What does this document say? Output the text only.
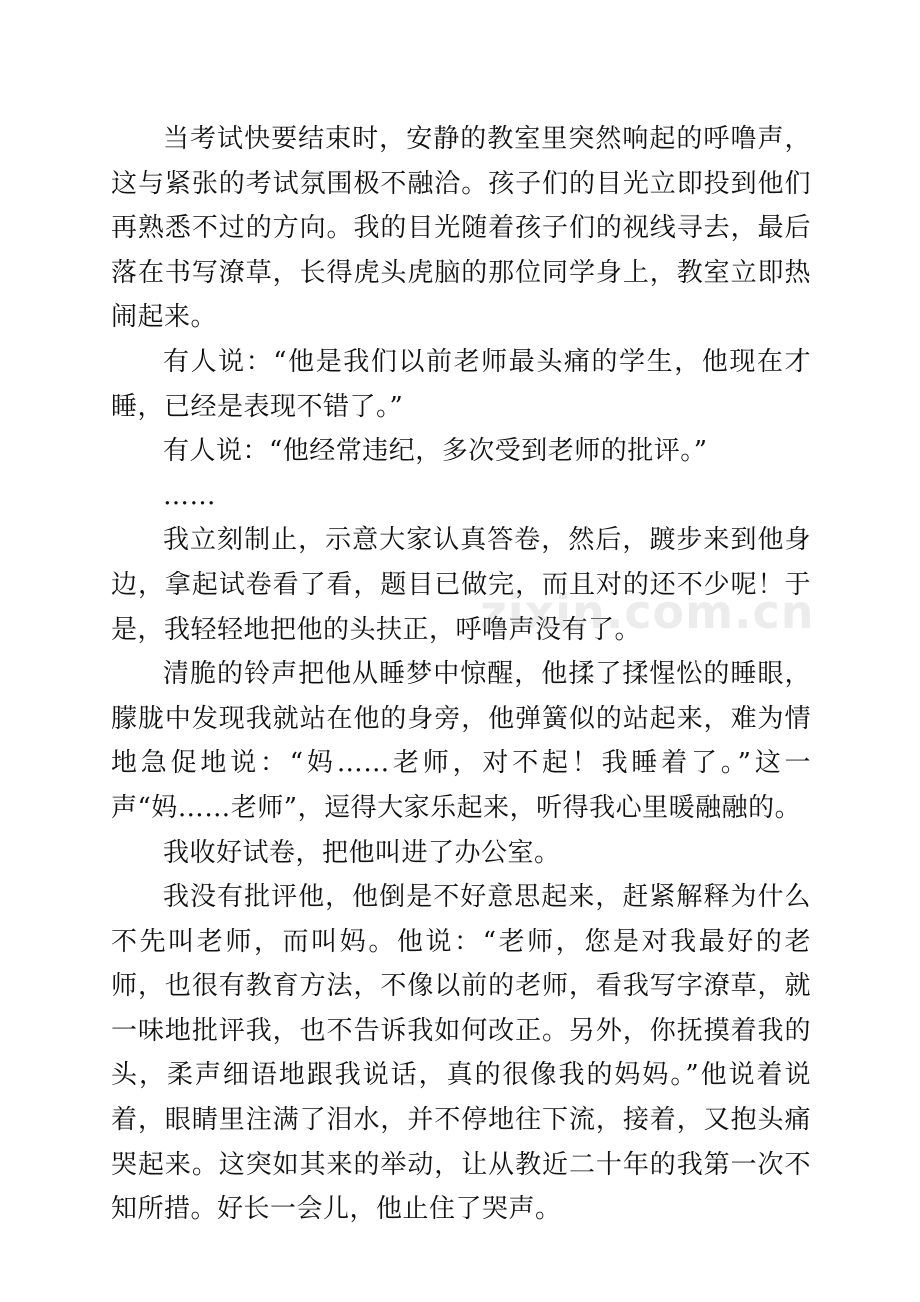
当考试快要结束时，安静的教室里突然响起的呼噜声，这与紧张的考试氛围极不融洽。孩子们的目光立即投到他们再熟悉不过的方向。我的目光随着孩子们的视线寻去，最后落在书写潦草，长得虎头虎脑的那位同学身上，教室立即热闹起来。

有人说：“他是我们以前老师最头痛的学生，他现在才睡，已经是表现不错了。”

有人说：“他经常违纪，多次受到老师的批评。”

……

我立刻制止，示意大家认真答卷，然后，踱步来到他身边，拿起试卷看了看，题目已做完，而且对的还不少呢！于是，我轻轻地把他的头扶正，呼噜声没有了。

清脆的铃声把他从睡梦中惊醒，他揉了揉惺忪的睡眼，朦胧中发现我就站在他的身旁，他弹簧似的站起来，难为情地急促地说：“妈……老师，对不起！我睡着了。”这一声“妈……老师”，逗得大家乐起来，听得我心里暖融融的。

我收好试卷，把他叫进了办公室。

我没有批评他，他倒是不好意思起来，赶紧解释为什么不先叫老师，而叫妈。他说：“老师，您是对我最好的老师，也很有教育方法，不像以前的老师，看我写字潦草，就一味地批评我，也不告诉我如何改正。另外，你抚摸着我的头，柔声细语地跟我说话，真的很像我的妈妈。”他说着说着，眼睛里注满了泪水，并不停地往下流，接着，又抱头痛哭起来。这突如其来的举动，让从教近二十年的我第一次不知所措。好长一会儿，他止住了哭声。

zixin.com.cn
